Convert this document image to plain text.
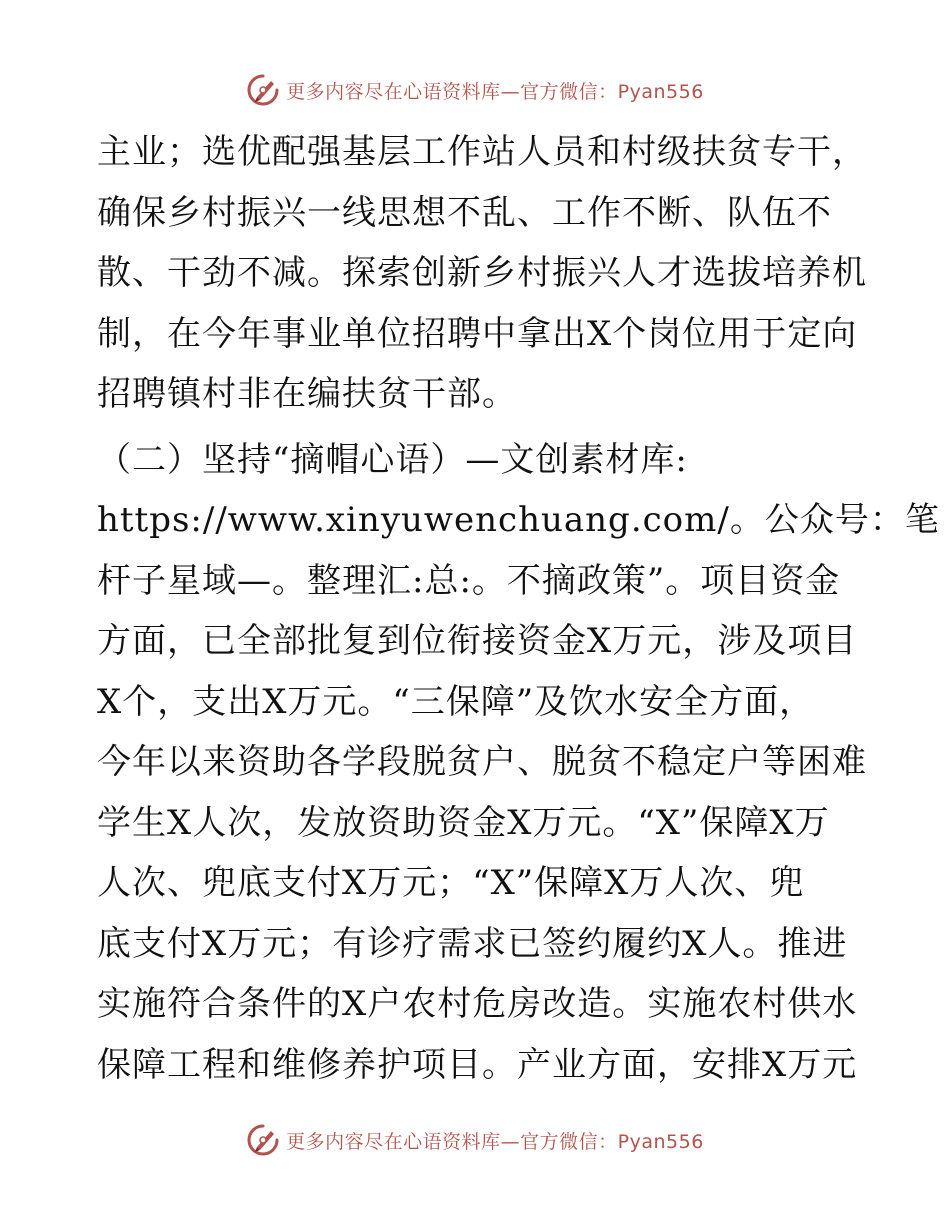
更多内容尽在心语资料库—官方微信：Pyan556
主业；选优配强基层工作站人员和村级扶贫专干，
确保乡村振兴一线思想不乱、工作不断、队伍不
散、干劲不减。探索创新乡村振兴人才选拔培养机
制，在今年事业单位招聘中拿出X个岗位用于定向
招聘镇村非在编扶贫干部。
（二）坚持“摘帽心语）—文创素材库:
https://www.xinyuwenchuang.com/。公众号：笔
杆子星域—。整理汇:总:。不摘政策”。项目资金
方面，已全部批复到位衔接资金X万元，涉及项目
X个，支出X万元。“三保障”及饮水安全方面，
今年以来资助各学段脱贫户、脱贫不稳定户等困难
学生X人次，发放资助资金X万元。“X”保障X万
人次、兜底支付X万元；“X”保障X万人次、兜
底支付X万元；有诊疗需求已签约履约X人。推进
实施符合条件的X户农村危房改造。实施农村供水
保障工程和维修养护项目。产业方面，安排X万元
更多内容尽在心语资料库—官方微信：Pyan556
